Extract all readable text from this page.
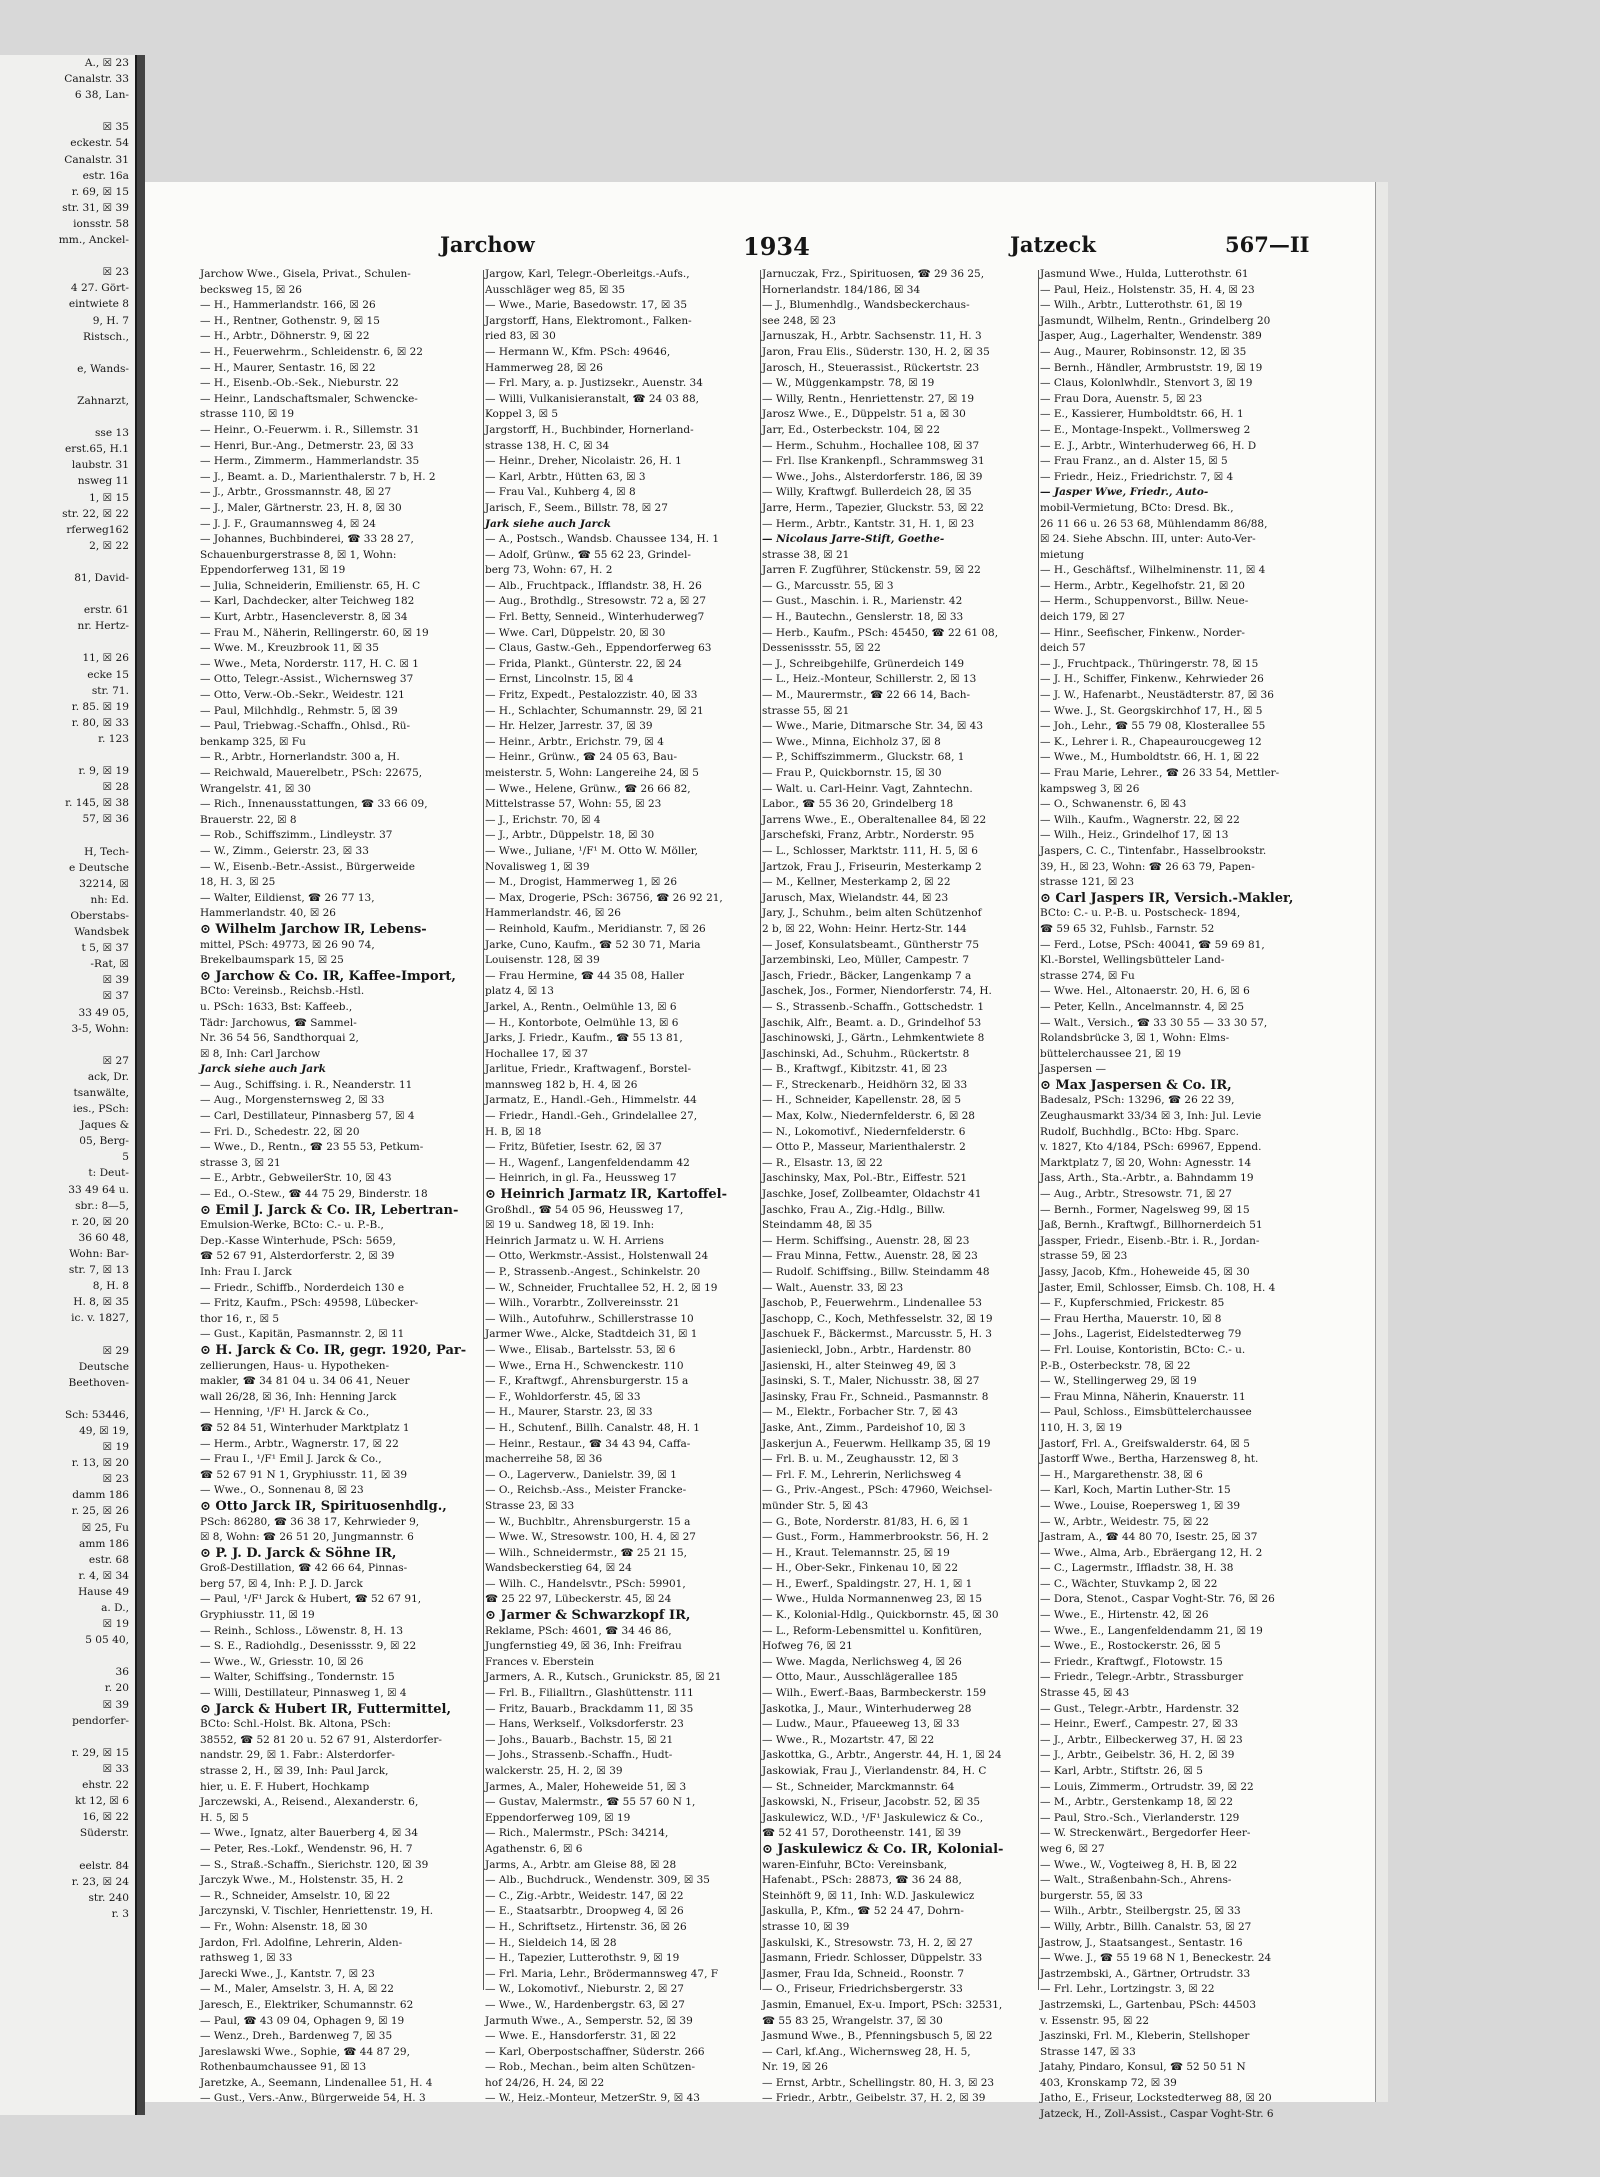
A., ☒ 23
Canalstr. 33
6 38, Lan-

☒ 35
eckestr. 54
Canalstr. 31
estr. 16a
r. 69, ☒ 15
str. 31, ☒ 39
ionsstr. 58
mm., Anckel-

☒ 23
4 27. Gört-
eintwiete 8
9, H. 7
Ristsch.,

e, Wands-

Zahnarzt,

sse 13
erst.65, H.1
laubstr. 31
nsweg 11
1, ☒ 15
str. 22, ☒ 22
rferweg162
2, ☒ 22

81, David-

erstr. 61
nr. Hertz-

11, ☒ 26
ecke 15
str. 71.
r. 85. ☒ 19
r. 80, ☒ 33
r. 123

r. 9, ☒ 19
☒ 28
r. 145, ☒ 38
57, ☒ 36

H, Tech-
e Deutsche
32214, ☒
nh: Ed.
Oberstabs-
Wandsbek
t 5, ☒ 37
-Rat, ☒
☒ 39
☒ 37
33 49 05,
3-5, Wohn:

☒ 27
ack, Dr.
tsanwälte,
ies., PSch:
Jaques &
05, Berg-
5
t: Deut-
33 49 64 u.
sbr.: 8—5,
r. 20, ☒ 20
36 60 48,
Wohn: Bar-
str. 7, ☒ 13
8, H. 8
H. 8, ☒ 35
ic. v. 1827,

☒ 29
Deutsche
Beethoven-

Sch: 53446,
49, ☒ 19,
☒ 19
r. 13, ☒ 20
☒ 23
damm 186
r. 25, ☒ 26
☒ 25, Fu
amm 186
estr. 68
r. 4, ☒ 34
Hause 49
a. D.,
☒ 19
5 05 40,

36
r. 20
☒ 39
pendorfer-

r. 29, ☒ 15
☒ 33
ehstr. 22
kt 12, ☒ 6
16, ☒ 22
Süderstr.

eelstr. 84
r. 23, ☒ 24
str. 240
r. 3
Jarchow	1934	Jatzeck	567—II
Jarchow Wwe., Gisela, Privat., Schulen-
becksweg 15, ☒ 26
— H., Hammerlandstr. 166, ☒ 26
— H., Rentner, Gothenstr. 9, ☒ 15
— H., Arbtr., Döhnerstr. 9, ☒ 22
— H., Feuerwehrm., Schleidenstr. 6, ☒ 22
— H., Maurer, Sentastr. 16, ☒ 22
— H., Eisenb.-Ob.-Sek., Nieburstr. 22
— Heinr., Landschaftsmaler, Schwencke-
strasse 110, ☒ 19
— Heinr., O.-Feuerwm. i. R., Sillemstr. 31
— Henri, Bur.-Ang., Detmerstr. 23, ☒ 33
— Herm., Zimmerm., Hammerlandstr. 35
— J., Beamt. a. D., Marienthalerstr. 7 b, H. 2
— J., Arbtr., Grossmannstr. 48, ☒ 27
— J., Maler, Gärtnerstr. 23, H. 8, ☒ 30
— J. J. F., Graumannsweg 4, ☒ 24
— Johannes, Buchbinderei, ☎ 33 28 27,
Schauenburgerstrasse 8, ☒ 1, Wohn:
Eppendorferweg 131, ☒ 19
— Julia, Schneiderin, Emilienstr. 65, H. C
— Karl, Dachdecker, alter Teichweg 182
— Kurt, Arbtr., Hasencleverstr. 8, ☒ 34
— Frau M., Näherin, Rellingerstr. 60, ☒ 19
— Wwe. M., Kreuzbrook 11, ☒ 35
— Wwe., Meta, Norderstr. 117, H. C. ☒ 1
— Otto, Telegr.-Assist., Wichernsweg 37
— Otto, Verw.-Ob.-Sekr., Weidestr. 121
— Paul, Milchhdlg., Rehmstr. 5, ☒ 39
— Paul, Triebwag.-Schaffn., Ohlsd., Rü-
benkamp 325, ☒ Fu
— R., Arbtr., Hornerlandstr. 300 a, H.
— Reichwald, Mauerelbetr., PSch: 22675,
Wrangelstr. 41, ☒ 30
— Rich., Innenausstattungen, ☎ 33 66 09,
Brauerstr. 22, ☒ 8
— Rob., Schiffszimm., Lindleystr. 37
— W., Zimm., Geierstr. 23, ☒ 33
— W., Eisenb.-Betr.-Assist., Bürgerweide
18, H. 3, ☒ 25
— Walter, Eildienst, ☎ 26 77 13,
Hammerlandstr. 40, ☒ 26
⊙ Wilhelm Jarchow IR, Lebens-
mittel, PSch: 49773, ☒ 26 90 74,
Brekelbaumspark 15, ☒ 25
⊙ Jarchow & Co. IR, Kaffee-Import,
BCto: Vereinsb., Reichsb.-Hstl.
u. PSch: 1633, Bst: Kaffeeb.,
Tädr: Jarchowus, ☎ Sammel-
Nr. 36 54 56, Sandthorquai 2,
☒ 8, Inh: Carl Jarchow
Jarck siehe auch Jark
— Aug., Schiffsing. i. R., Neanderstr. 11
— Aug., Morgensternsweg 2, ☒ 33
— Carl, Destillateur, Pinnasberg 57, ☒ 4
— Fri. D., Schedestr. 22, ☒ 20
— Wwe., D., Rentn., ☎ 23 55 53, Petkum-
strasse 3, ☒ 21
— E., Arbtr., GebweilerStr. 10, ☒ 43
— Ed., O.-Stew., ☎ 44 75 29, Binderstr. 18
⊙ Emil J. Jarck & Co. IR, Lebertran-
Emulsion-Werke, BCto: C.- u. P.-B.,
Dep.-Kasse Winterhude, PSch: 5659,
☎ 52 67 91, Alsterdorferstr. 2, ☒ 39
Inh: Frau I. Jarck
— Friedr., Schiffb., Norderdeich 130 e
— Fritz, Kaufm., PSch: 49598, Lübecker-
thor 16, r., ☒ 5
— Gust., Kapitän, Pasmannstr. 2, ☒ 11
⊙ H. Jarck & Co. IR, gegr. 1920, Par-
zellierungen, Haus- u. Hypotheken-
makler, ☎ 34 81 04 u. 34 06 41, Neuer
wall 26/28, ☒ 36, Inh: Henning Jarck
— Henning, ¹/F¹ H. Jarck & Co.,
☎ 52 84 51, Winterhuder Marktplatz 1
— Herm., Arbtr., Wagnerstr. 17, ☒ 22
— Frau I., ¹/F¹ Emil J. Jarck & Co.,
☎ 52 67 91 N 1, Gryphiusstr. 11, ☒ 39
— Wwe., O., Sonnenau 8, ☒ 23
⊙ Otto Jarck IR, Spirituosenhdlg.,
PSch: 86280, ☎ 36 38 17, Kehrwieder 9,
☒ 8, Wohn: ☎ 26 51 20, Jungmannstr. 6
⊙ P. J. D. Jarck & Söhne IR,
Groß-Destillation, ☎ 42 66 64, Pinnas-
berg 57, ☒ 4, Inh: P. J. D. Jarck
— Paul, ¹/F¹ Jarck & Hubert, ☎ 52 67 91,
Gryphiusstr. 11, ☒ 19
— Reinh., Schloss., Löwenstr. 8, H. 13
— S. E., Radiohdlg., Desenissstr. 9, ☒ 22
— Wwe., W., Griesstr. 10, ☒ 26
— Walter, Schiffsing., Tondernstr. 15
— Willi, Destillateur, Pinnasweg 1, ☒ 4
⊙ Jarck & Hubert IR, Futtermittel,
BCto: Schl.-Holst. Bk. Altona, PSch:
38552, ☎ 52 81 20 u. 52 67 91, Alsterdorfer-
nandstr. 29, ☒ 1. Fabr.: Alsterdorfer-
strasse 2, H., ☒ 39, Inh: Paul Jarck,
hier, u. E. F. Hubert, Hochkamp
Jarczewski, A., Reisend., Alexanderstr. 6,
H. 5, ☒ 5
— Wwe., Ignatz, alter Bauerberg 4, ☒ 34
— Peter, Res.-Lokf., Wendenstr. 96, H. 7
— S., Straß.-Schaffn., Sierichstr. 120, ☒ 39
Jarczyk Wwe., M., Holstenstr. 35, H. 2
— R., Schneider, Amselstr. 10, ☒ 22
Jarczynski, V. Tischler, Henriettenstr. 19, H.
— Fr., Wohn: Alsenstr. 18, ☒ 30
Jardon, Frl. Adolfine, Lehrerin, Alden-
rathsweg 1, ☒ 33
Jarecki Wwe., J., Kantstr. 7, ☒ 23
— M., Maler, Amselstr. 3, H. A, ☒ 22
Jaresch, E., Elektriker, Schumannstr. 62
— Paul, ☎ 43 09 04, Ophagen 9, ☒ 19
— Wenz., Dreh., Bardenweg 7, ☒ 35
Jareslawski Wwe., Sophie, ☎ 44 87 29,
Rothenbaumchaussee 91, ☒ 13
Jaretzke, A., Seemann, Lindenallee 51, H. 4
— Gust., Vers.-Anw., Bürgerweide 54, H. 3
Jargow, Karl, Telegr.-Oberleitgs.-Aufs.,
Ausschläger weg 85, ☒ 35
— Wwe., Marie, Basedowstr. 17, ☒ 35
Jargstorff, Hans, Elektromont., Falken-
ried 83, ☒ 30
— Hermann W., Kfm. PSch: 49646,
Hammerweg 28, ☒ 26
— Frl. Mary, a. p. Justizsekr., Auenstr. 34
— Willi, Vulkanisieranstalt, ☎ 24 03 88,
Koppel 3, ☒ 5
Jargstorff, H., Buchbinder, Hornerland-
strasse 138, H. C, ☒ 34
— Heinr., Dreher, Nicolaistr. 26, H. 1
— Karl, Arbtr., Hütten 63, ☒ 3
— Frau Val., Kuhberg 4, ☒ 8
Jarisch, F., Seem., Billstr. 78, ☒ 27
Jark siehe auch Jarck
— A., Postsch., Wandsb. Chaussee 134, H. 1
— Adolf, Grünw., ☎ 55 62 23, Grindel-
berg 73, Wohn: 67, H. 2
— Alb., Fruchtpack., Ifflandstr. 38, H. 26
— Aug., Brothdlg., Stresowstr. 72 a, ☒ 27
— Frl. Betty, Senneid., Winterhuderweg7
— Wwe. Carl, Düppelstr. 20, ☒ 30
— Claus, Gastw.-Geh., Eppendorferweg 63
— Frida, Plankt., Günterstr. 22, ☒ 24
— Ernst, Lincolnstr. 15, ☒ 4
— Fritz, Expedt., Pestalozzistr. 40, ☒ 33
— H., Schlachter, Schumannstr. 29, ☒ 21
— Hr. Helzer, Jarrestr. 37, ☒ 39
— Heinr., Arbtr., Erichstr. 79, ☒ 4
— Heinr., Grünw., ☎ 24 05 63, Bau-
meisterstr. 5, Wohn: Langereihe 24, ☒ 5
— Wwe., Helene, Grünw., ☎ 26 66 82,
Mittelstrasse 57, Wohn: 55, ☒ 23
— J., Erichstr. 70, ☒ 4
— J., Arbtr., Düppelstr. 18, ☒ 30
— Wwe., Juliane, ¹/F¹ M. Otto W. Möller,
Novalisweg 1, ☒ 39
— M., Drogist, Hammerweg 1, ☒ 26
— Max, Drogerie, PSch: 36756, ☎ 26 92 21,
Hammerlandstr. 46, ☒ 26
— Reinhold, Kaufm., Meridianstr. 7, ☒ 26
Jarke, Cuno, Kaufm., ☎ 52 30 71, Maria
Louisenstr. 128, ☒ 39
— Frau Hermine, ☎ 44 35 08, Haller
platz 4, ☒ 13
Jarkel, A., Rentn., Oelmühle 13, ☒ 6
— H., Kontorbote, Oelmühle 13, ☒ 6
Jarks, J. Friedr., Kaufm., ☎ 55 13 81,
Hochallee 17, ☒ 37
Jarlitue, Friedr., Kraftwagenf., Borstel-
mannsweg 182 b, H. 4, ☒ 26
Jarmatz, E., Handl.-Geh., Himmelstr. 44
— Friedr., Handl.-Geh., Grindelallee 27,
H. B, ☒ 18
— Fritz, Büfetier, Isestr. 62, ☒ 37
— H., Wagenf., Langenfeldendamm 42
— Heinrich, in gl. Fa., Heussweg 17
⊙ Heinrich Jarmatz IR, Kartoffel-
Großhdl., ☎ 54 05 96, Heussweg 17,
☒ 19 u. Sandweg 18, ☒ 19. Inh:
Heinrich Jarmatz u. W. H. Arriens
— Otto, Werkmstr.-Assist., Holstenwall 24
— P., Strassenb.-Angest., Schinkelstr. 20
— W., Schneider, Fruchtallee 52, H. 2, ☒ 19
— Wilh., Vorarbtr., Zollvereinsstr. 21
— Wilh., Autofuhrw., Schillerstrasse 10
Jarmer Wwe., Alcke, Stadtdeich 31, ☒ 1
— Wwe., Elisab., Bartelsstr. 53, ☒ 6
— Wwe., Erna H., Schwenckestr. 110
— F., Kraftwgf., Ahrensburgerstr. 15 a
— F., Wohldorferstr. 45, ☒ 33
— H., Maurer, Starstr. 23, ☒ 33
— H., Schutenf., Billh. Canalstr. 48, H. 1
— Heinr., Restaur., ☎ 34 43 94, Caffa-
macherreihe 58, ☒ 36
— O., Lagerverw., Danielstr. 39, ☒ 1
— O., Reichsb.-Ass., Meister Francke-
Strasse 23, ☒ 33
— W., Buchbltr., Ahrensburgerstr. 15 a
— Wwe. W., Stresowstr. 100, H. 4, ☒ 27
— Wilh., Schneidermstr., ☎ 25 21 15,
Wandsbeckerstieg 64, ☒ 24
— Wilh. C., Handelsvtr., PSch: 59901,
☎ 25 22 97, Lübeckerstr. 45, ☒ 24
⊙ Jarmer & Schwarzkopf IR,
Reklame, PSch: 4601, ☎ 34 46 86,
Jungfernstieg 49, ☒ 36, Inh: Freifrau
Frances v. Eberstein
Jarmers, A. R., Kutsch., Grunickstr. 85, ☒ 21
— Frl. B., Filialltrn., Glashüttenstr. 111
— Fritz, Bauarb., Brackdamm 11, ☒ 35
— Hans, Werkself., Volksdorferstr. 23
— Johs., Bauarb., Bachstr. 15, ☒ 21
— Johs., Strassenb.-Schaffn., Hudt-
walckerstr. 25, H. 2, ☒ 39
Jarmes, A., Maler, Hoheweide 51, ☒ 3
— Gustav, Malermstr., ☎ 55 57 60 N 1,
Eppendorferweg 109, ☒ 19
— Rich., Malermstr., PSch: 34214,
Agathenstr. 6, ☒ 6
Jarms, A., Arbtr. am Gleise 88, ☒ 28
— Alb., Buchdruck., Wendenstr. 309, ☒ 35
— C., Zig.-Arbtr., Weidestr. 147, ☒ 22
— E., Staatsarbtr., Droopweg 4, ☒ 26
— H., Schriftsetz., Hirtenstr. 36, ☒ 26
— H., Sieldeich 14, ☒ 28
— H., Tapezier, Lutterothstr. 9, ☒ 19
— Frl. Maria, Lehr., Brödermannsweg 47, F
— W., Lokomotivf., Nieburstr. 2, ☒ 27
— Wwe., W., Hardenbergstr. 63, ☒ 27
Jarmuth Wwe., A., Semperstr. 52, ☒ 39
— Wwe. E., Hansdorferstr. 31, ☒ 22
— Karl, Oberpostschaffner, Süderstr. 266
— Rob., Mechan., beim alten Schützen-
hof 24/26, H. 24, ☒ 22
— W., Heiz.-Monteur, MetzerStr. 9, ☒ 43
Jarnuczak, Frz., Spirituosen, ☎ 29 36 25,
Hornerlandstr. 184/186, ☒ 34
— J., Blumenhdlg., Wandsbeckerchaus-
see 248, ☒ 23
Jarnuszak, H., Arbtr. Sachsenstr. 11, H. 3
Jaron, Frau Elis., Süderstr. 130, H. 2, ☒ 35
Jarosch, H., Steuerassist., Rückertstr. 23
— W., Müggenkampstr. 78, ☒ 19
— Willy, Rentn., Henriettenstr. 27, ☒ 19
Jarosz Wwe., E., Düppelstr. 51 a, ☒ 30
Jarr, Ed., Osterbeckstr. 104, ☒ 22
— Herm., Schuhm., Hochallee 108, ☒ 37
— Frl. Ilse Krankenpfl., Schrammsweg 31
— Wwe., Johs., Alsterdorferstr. 186, ☒ 39
— Willy, Kraftwgf. Bullerdeich 28, ☒ 35
Jarre, Herm., Tapezier, Gluckstr. 53, ☒ 22
— Herm., Arbtr., Kantstr. 31, H. 1, ☒ 23
— Nicolaus Jarre-Stift, Goethe-
strasse 38, ☒ 21
Jarren F. Zugführer, Stückenstr. 59, ☒ 22
— G., Marcusstr. 55, ☒ 3
— Gust., Maschin. i. R., Marienstr. 42
— H., Bautechn., Genslerstr. 18, ☒ 33
— Herb., Kaufm., PSch: 45450, ☎ 22 61 08,
Dessenissstr. 55, ☒ 22
— J., Schreibgehilfe, Grünerdeich 149
— L., Heiz.-Monteur, Schillerstr. 2, ☒ 13
— M., Maurermstr., ☎ 22 66 14, Bach-
strasse 55, ☒ 21
— Wwe., Marie, Ditmarsche Str. 34, ☒ 43
— Wwe., Minna, Eichholz 37, ☒ 8
— P., Schiffszimmerm., Gluckstr. 68, 1
— Frau P., Quickbornstr. 15, ☒ 30
— Walt. u. Carl-Heinr. Vagt, Zahntechn.
Labor., ☎ 55 36 20, Grindelberg 18
Jarrens Wwe., E., Oberaltenallee 84, ☒ 22
Jarschefski, Franz, Arbtr., Norderstr. 95
— L., Schlosser, Marktstr. 111, H. 5, ☒ 6
Jartzok, Frau J., Friseurin, Mesterkamp 2
— M., Kellner, Mesterkamp 2, ☒ 22
Jarusch, Max, Wielandstr. 44, ☒ 23
Jary, J., Schuhm., beim alten Schützenhof
2 b, ☒ 22, Wohn: Heinr. Hertz-Str. 144
— Josef, Konsulatsbeamt., Güntherstr 75
Jarzembinski, Leo, Müller, Campestr. 7
Jasch, Friedr., Bäcker, Langenkamp 7 a
Jaschek, Jos., Former, Niendorferstr. 74, H.
— S., Strassenb.-Schaffn., Gottschedstr. 1
Jaschik, Alfr., Beamt. a. D., Grindelhof 53
Jaschinowski, J., Gärtn., Lehmkentwiete 8
Jaschinski, Ad., Schuhm., Rückertstr. 8
— B., Kraftwgf., Kibitzstr. 41, ☒ 23
— F., Streckenarb., Heidhörn 32, ☒ 33
— H., Schneider, Kapellenstr. 28, ☒ 5
— Max, Kolw., Niedernfelderstr. 6, ☒ 28
— N., Lokomotivf., Niedernfelderstr. 6
— Otto P., Masseur, Marienthalerstr. 2
— R., Elsastr. 13, ☒ 22
Jaschinsky, Max, Pol.-Btr., Eiffestr. 521
Jaschke, Josef, Zollbeamter, Oldachstr 41
Jaschko, Frau A., Zig.-Hdlg., Billw.
Steindamm 48, ☒ 35
— Herm. Schiffsing., Auenstr. 28, ☒ 23
— Frau Minna, Fettw., Auenstr. 28, ☒ 23
— Rudolf. Schiffsing., Billw. Steindamm 48
— Walt., Auenstr. 33, ☒ 23
Jaschob, P., Feuerwehrm., Lindenallee 53
Jaschopp, C., Koch, Methfesselstr. 32, ☒ 19
Jaschuek F., Bäckermst., Marcusstr. 5, H. 3
Jasienieckl, Jobn., Arbtr., Hardenstr. 80
Jasienski, H., alter Steinweg 49, ☒ 3
Jasinski, S. T., Maler, Nichusstr. 38, ☒ 27
Jasinsky, Frau Fr., Schneid., Pasmannstr. 8
— M., Elektr., Forbacher Str. 7, ☒ 43
Jaske, Ant., Zimm., Pardeishof 10, ☒ 3
Jaskerjun A., Feuerwm. Hellkamp 35, ☒ 19
— Frl. B. u. M., Zeughausstr. 12, ☒ 3
— Frl. F. M., Lehrerin, Nerlichsweg 4
— G., Priv.-Angest., PSch: 47960, Weichsel-
münder Str. 5, ☒ 43
— G., Bote, Norderstr. 81/83, H. 6, ☒ 1
— Gust., Form., Hammerbrookstr. 56, H. 2
— H., Kraut. Telemannstr. 25, ☒ 19
— H., Ober-Sekr., Finkenau 10, ☒ 22
— H., Ewerf., Spaldingstr. 27, H. 1, ☒ 1
— Wwe., Hulda Normannenweg 23, ☒ 15
— K., Kolonial-Hdlg., Quickbornstr. 45, ☒ 30
— L., Reform-Lebensmittel u. Konfitüren,
Hofweg 76, ☒ 21
— Wwe. Magda, Nerlichsweg 4, ☒ 26
— Otto, Maur., Ausschlägerallee 185
— Wilh., Ewerf.-Baas, Barmbeckerstr. 159
Jaskotka, J., Maur., Winterhuderweg 28
— Ludw., Maur., Pfaueeweg 13, ☒ 33
— Wwe., R., Mozartstr. 47, ☒ 22
Jaskottka, G., Arbtr., Angerstr. 44, H. 1, ☒ 24
Jaskowiak, Frau J., Vierlandenstr. 84, H. C
— St., Schneider, Marckmannstr. 64
Jaskowski, N., Friseur, Jacobstr. 52, ☒ 35
Jaskulewicz, W.D., ¹/F¹ Jaskulewicz & Co.,
☎ 52 41 57, Dorotheenstr. 141, ☒ 39
⊙ Jaskulewicz & Co. IR, Kolonial-
waren-Einfuhr, BCto: Vereinsbank,
Hafenabt., PSch: 28873, ☎ 36 24 88,
Steinhöft 9, ☒ 11, Inh: W.D. Jaskulewicz
Jaskulla, P., Kfm., ☎ 52 24 47, Dohrn-
strasse 10, ☒ 39
Jaskulski, K., Stresowstr. 73, H. 2, ☒ 27
Jasmann, Friedr. Schlosser, Düppelstr. 33
Jasmer, Frau Ida, Schneid., Roonstr. 7
— O., Friseur, Friedrichsbergerstr. 33
Jasmin, Emanuel, Ex-u. Import, PSch: 32531,
☎ 55 83 25, Wrangelstr. 37, ☒ 30
Jasmund Wwe., B., Pfenningsbusch 5, ☒ 22
— Carl, kf.Ang., Wichernsweg 28, H. 5,
Nr. 19, ☒ 26
— Ernst, Arbtr., Schellingstr. 80, H. 3, ☒ 23
— Friedr., Arbtr., Geibelstr. 37, H. 2, ☒ 39
Jasmund Wwe., Hulda, Lutterothstr. 61
— Paul, Heiz., Holstenstr. 35, H. 4, ☒ 23
— Wilh., Arbtr., Lutterothstr. 61, ☒ 19
Jasmundt, Wilhelm, Rentn., Grindelberg 20
Jasper, Aug., Lagerhalter, Wendenstr. 389
— Aug., Maurer, Robinsonstr. 12, ☒ 35
— Bernh., Händler, Armbruststr. 19, ☒ 19
— Claus, Kolonlwhdlr., Stenvort 3, ☒ 19
— Frau Dora, Auenstr. 5, ☒ 23
— E., Kassierer, Humboldtstr. 66, H. 1
— E., Montage-Inspekt., Vollmersweg 2
— E. J., Arbtr., Winterhuderweg 66, H. D
— Frau Franz., an d. Alster 15, ☒ 5
— Friedr., Heiz., Friedrichstr. 7, ☒ 4
— Jasper Wwe, Friedr., Auto-
mobil-Vermietung, BCto: Dresd. Bk.,
26 11 66 u. 26 53 68, Mühlendamm 86/88,
☒ 24. Siehe Abschn. III, unter: Auto-Ver-
mietung
— H., Geschäftsf., Wilhelminenstr. 11, ☒ 4
— Herm., Arbtr., Kegelhofstr. 21, ☒ 20
— Herm., Schuppenvorst., Billw. Neue-
deich 179, ☒ 27
— Hinr., Seefischer, Finkenw., Norder-
deich 57
— J., Fruchtpack., Thüringerstr. 78, ☒ 15
— J. H., Schiffer, Finkenw., Kehrwieder 26
— J. W., Hafenarbt., Neustädterstr. 87, ☒ 36
— Wwe. J., St. Georgskirchhof 17, H., ☒ 5
— Joh., Lehr., ☎ 55 79 08, Klosterallee 55
— K., Lehrer i. R., Chapeauroucgeweg 12
— Wwe., M., Humboldtstr. 66, H. 1, ☒ 22
— Frau Marie, Lehrer., ☎ 26 33 54, Mettler-
kampsweg 3, ☒ 26
— O., Schwanenstr. 6, ☒ 43
— Wilh., Kaufm., Wagnerstr. 22, ☒ 22
— Wilh., Heiz., Grindelhof 17, ☒ 13
Jaspers, C. C., Tintenfabr., Hasselbrookstr.
39, H., ☒ 23, Wohn: ☎ 26 63 79, Papen-
strasse 121, ☒ 23
⊙ Carl Jaspers IR, Versich.-Makler,
BCto: C.- u. P.-B. u. Postscheck- 1894,
☎ 59 65 32, Fuhlsb., Farnstr. 52
— Ferd., Lotse, PSch: 40041, ☎ 59 69 81,
Kl.-Borstel, Wellingsbütteler Land-
strasse 274, ☒ Fu
— Wwe. Hel., Altonaerstr. 20, H. 6, ☒ 6
— Peter, Kelln., Ancelmannstr. 4, ☒ 25
— Walt., Versich., ☎ 33 30 55 — 33 30 57,
Rolandsbrücke 3, ☒ 1, Wohn: Elms-
büttelerchaussee 21, ☒ 19
Jaspersen —
⊙ Max Jaspersen & Co. IR,
Badesalz, PSch: 13296, ☎ 26 22 39,
Zeughausmarkt 33/34 ☒ 3, Inh: Jul. Levie
Rudolf, Buchhdlg., BCto: Hbg. Sparc.
v. 1827, Kto 4/184, PSch: 69967, Eppend.
Marktplatz 7, ☒ 20, Wohn: Agnesstr. 14
Jass, Arth., Sta.-Arbtr., a. Bahndamm 19
— Aug., Arbtr., Stresowstr. 71, ☒ 27
— Bernh., Former, Nagelsweg 99, ☒ 15
Jaß, Bernh., Kraftwgf., Billhornerdeich 51
Jassper, Friedr., Eisenb.-Btr. i. R., Jordan-
strasse 59, ☒ 23
Jassy, Jacob, Kfm., Hoheweide 45, ☒ 30
Jaster, Emil, Schlosser, Eimsb. Ch. 108, H. 4
— F., Kupferschmied, Frickestr. 85
— Frau Hertha, Mauerstr. 10, ☒ 8
— Johs., Lagerist, Eidelstedterweg 79
— Frl. Louise, Kontoristin, BCto: C.- u.
P.-B., Osterbeckstr. 78, ☒ 22
— W., Stellingerweg 29, ☒ 19
— Frau Minna, Näherin, Knauerstr. 11
— Paul, Schloss., Eimsbüttelerchaussee
110, H. 3, ☒ 19
Jastorf, Frl. A., Greifswalderstr. 64, ☒ 5
Jastorff Wwe., Bertha, Harzensweg 8, ht.
— H., Margarethenstr. 38, ☒ 6
— Karl, Koch, Martin Luther-Str. 15
— Wwe., Louise, Roepersweg 1, ☒ 39
— W., Arbtr., Weidestr. 75, ☒ 22
Jastram, A., ☎ 44 80 70, Isestr. 25, ☒ 37
— Wwe., Alma, Arb., Ebräergang 12, H. 2
— C., Lagermstr., Iffladstr. 38, H. 38
— C., Wächter, Stuvkamp 2, ☒ 22
— Dora, Stenot., Caspar Voght-Str. 76, ☒ 26
— Wwe., E., Hirtenstr. 42, ☒ 26
— Wwe., E., Langenfeldendamm 21, ☒ 19
— Wwe., E., Rostockerstr. 26, ☒ 5
— Friedr., Kraftwgf., Flotowstr. 15
— Friedr., Telegr.-Arbtr., Strassburger
Strasse 45, ☒ 43
— Gust., Telegr.-Arbtr., Hardenstr. 32
— Heinr., Ewerf., Campestr. 27, ☒ 33
— J., Arbtr., Eilbeckerweg 37, H. ☒ 23
— J., Arbtr., Geibelstr. 36, H. 2, ☒ 39
— Karl, Arbtr., Stiftstr. 26, ☒ 5
— Louis, Zimmerm., Ortrudstr. 39, ☒ 22
— M., Arbtr., Gerstenkamp 18, ☒ 22
— Paul, Stro.-Sch., Vierlanderstr. 129
— W. Streckenwärt., Bergedorfer Heer-
weg 6, ☒ 27
— Wwe., W., Vogteiweg 8, H. B, ☒ 22
— Walt., Straßenbahn-Sch., Ahrens-
burgerstr. 55, ☒ 33
— Wilh., Arbtr., Steilbergstr. 25, ☒ 33
— Willy, Arbtr., Billh. Canalstr. 53, ☒ 27
Jastrow, J., Staatsangest., Sentastr. 16
— Wwe. J., ☎ 55 19 68 N 1, Beneckestr. 24
Jastrzembski, A., Gärtner, Ortrudstr. 33
— Frl. Lehr., Lortzingstr. 3, ☒ 22
Jastrzemski, L., Gartenbau, PSch: 44503
v. Essenstr. 95, ☒ 22
Jaszinski, Frl. M., Kleberin, Stellshoper
Strasse 147, ☒ 33
Jatahy, Pindaro, Konsul, ☎ 52 50 51 N
403, Kronskamp 72, ☒ 39
Jatho, E., Friseur, Lockstedterweg 88, ☒ 20
Jatzeck, H., Zoll-Assist., Caspar Voght-Str. 6
